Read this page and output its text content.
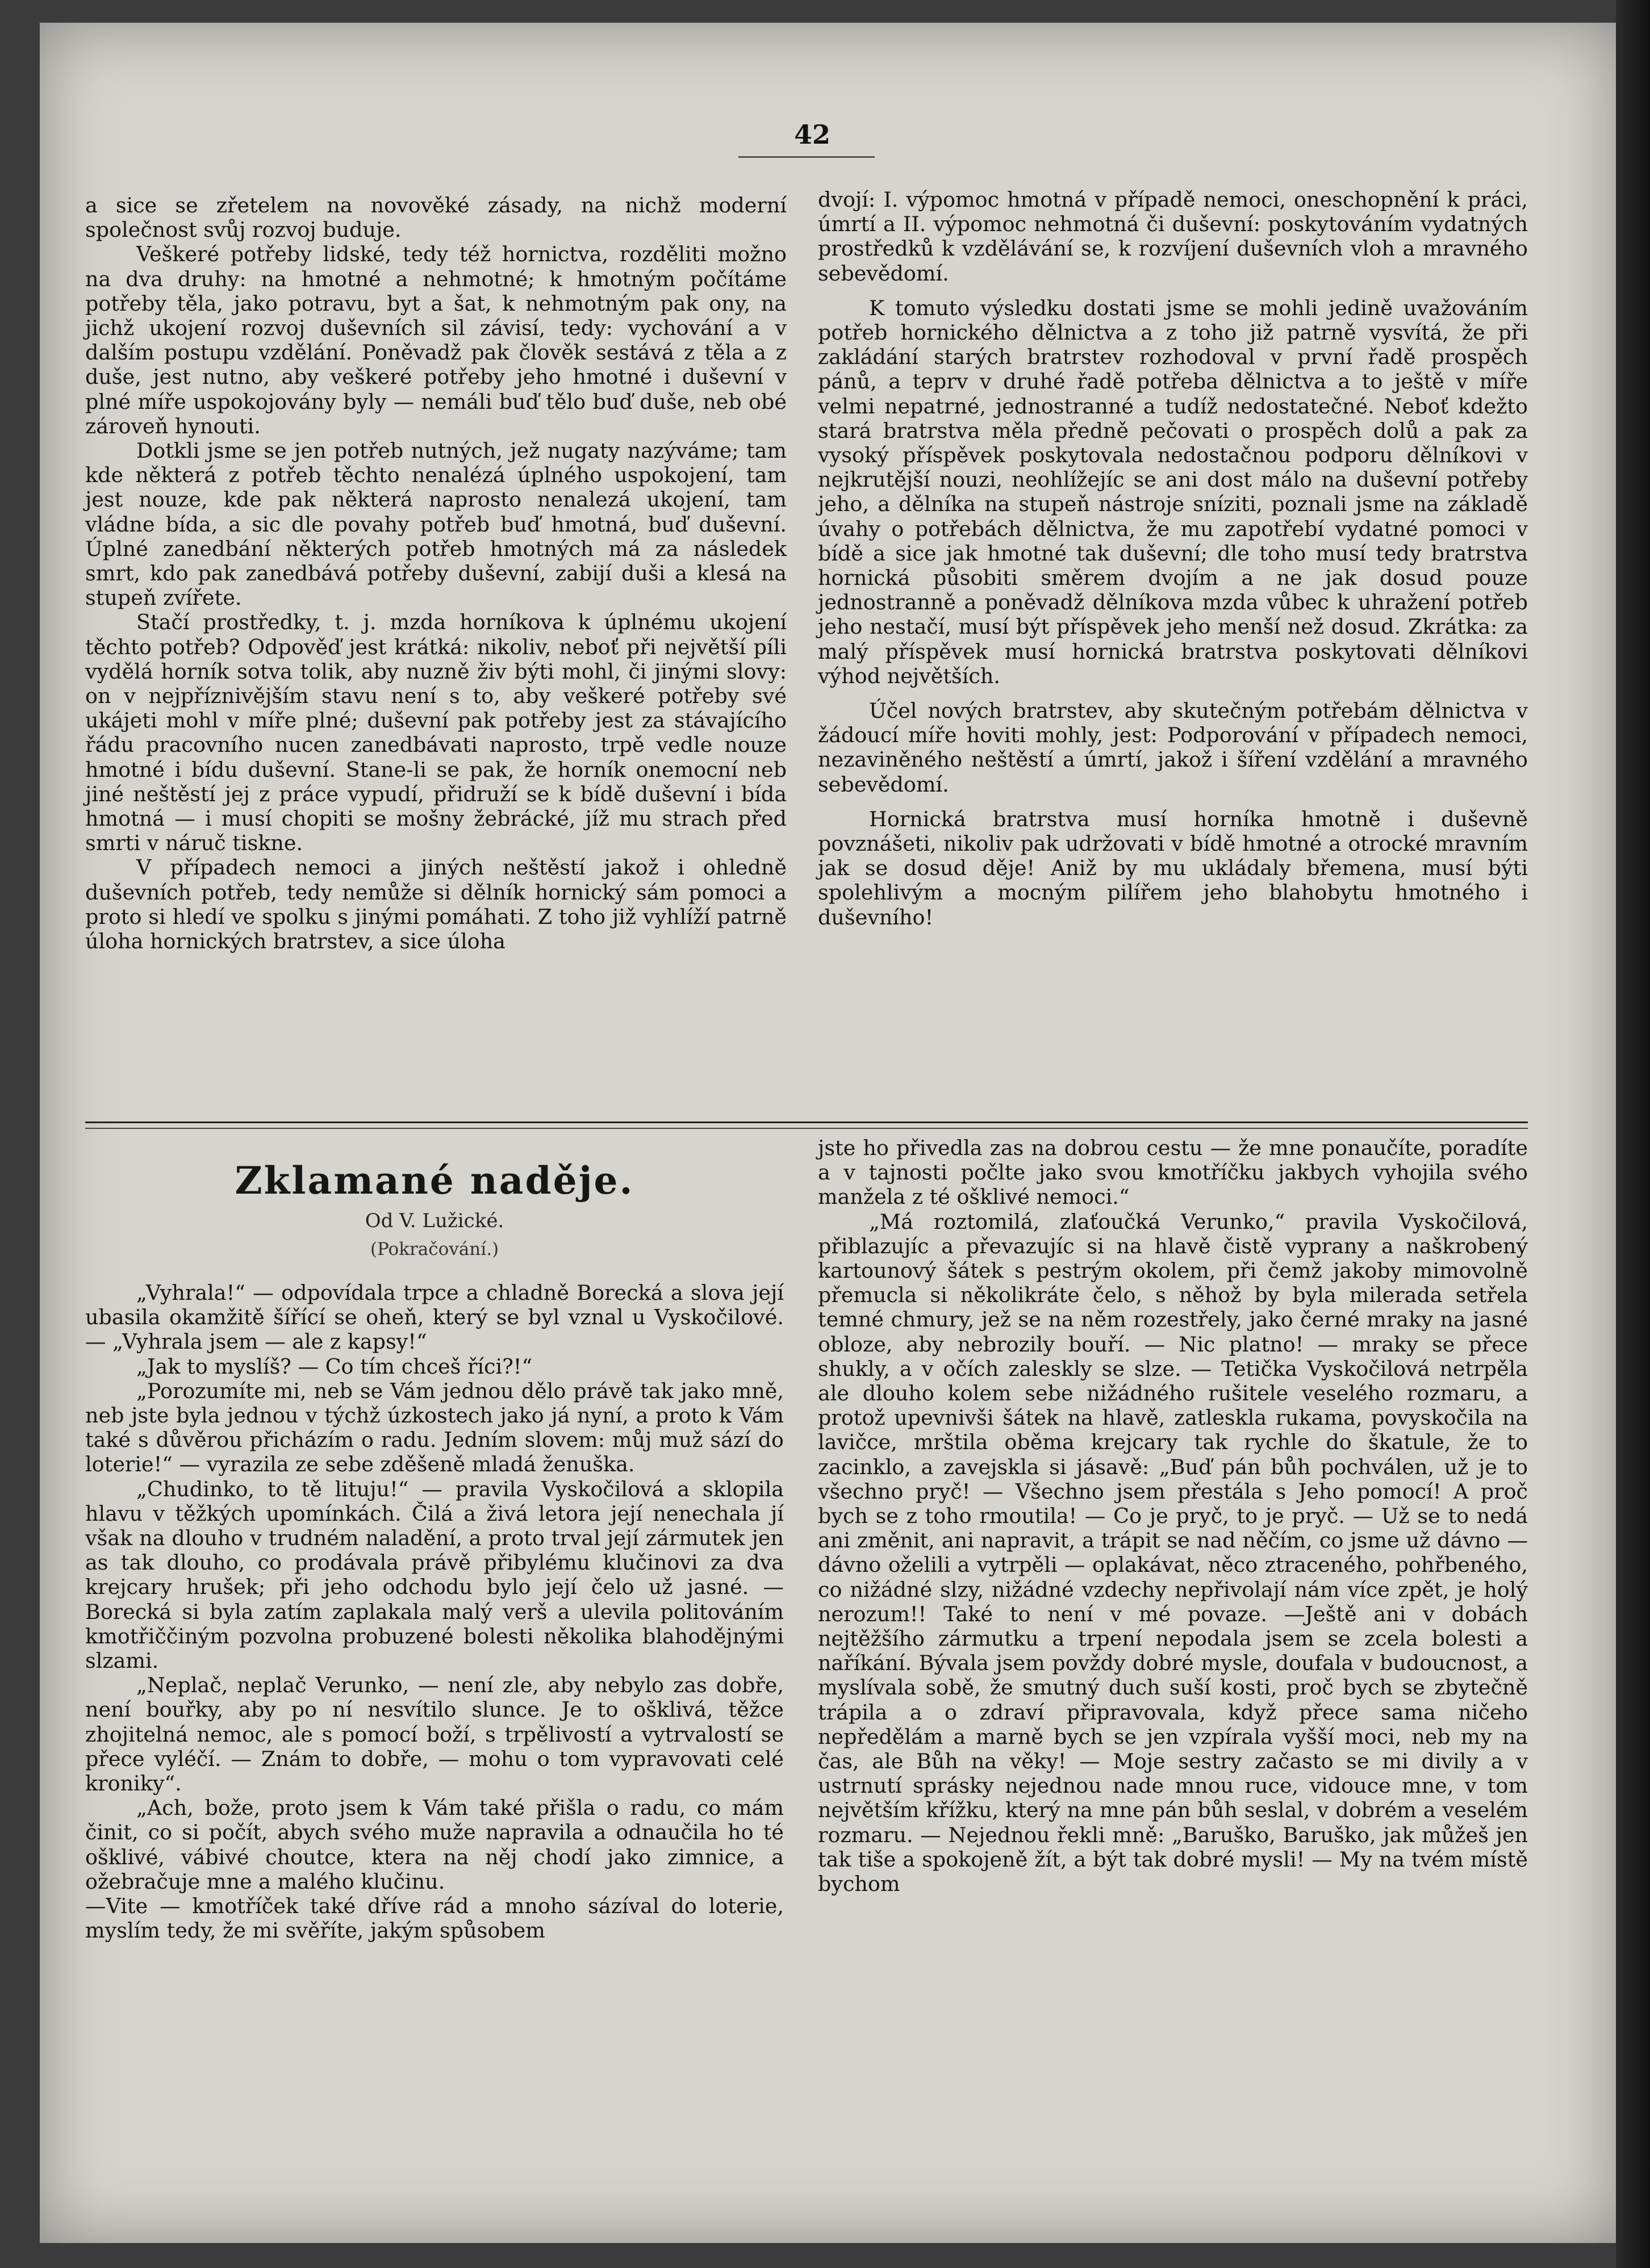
42

a sice se zřetelem na novověké zásady, na nichž moderní společnost svůj rozvoj buduje.

Veškeré potřeby lidské, tedy též hornictva, rozděliti možno na dva druhy: na hmotné a nehmotné; k hmotným počítáme potřeby těla, jako potravu, byt a šat, k nehmotným pak ony, na jichž ukojení rozvoj duševních sil závisí, tedy: vychování a v dalším postupu vzdělání. Poněvadž pak člověk sestává z těla a z duše, jest nutno, aby veškeré potřeby jeho hmotné i duševní v plné míře uspokojovány byly — nemáli buď tělo buď duše, neb obé zároveň hynouti.

Dotkli jsme se jen potřeb nutných, jež nugaty nazýváme; tam kde některá z potřeb těchto nenalézá úplného uspokojení, tam jest nouze, kde pak některá naprosto nenalezá ukojení, tam vládne bída, a sic dle povahy potřeb buď hmotná, buď duševní. Úplné zanedbání některých potřeb hmotných má za následek smrt, kdo pak zanedbává potřeby duševní, zabijí duši a klesá na stupeň zvířete.

Stačí prostředky, t. j. mzda horníkova k úplnému ukojení těchto potřeb? Odpověď jest krátká: nikoliv, neboť při největší píli vydělá horník sotva tolik, aby nuzně živ býti mohl, či jinými slovy: on v nejpříznivějším stavu není s to, aby veškeré potřeby své ukájeti mohl v míře plné; duševní pak potřeby jest za stávajícího řádu pracovního nucen zanedbávati naprosto, trpě vedle nouze hmotné i bídu duševní. Stane-li se pak, že horník onemocní neb jiné neštěstí jej z práce vypudí, přidruží se k bídě duševní i bída hmotná — i musí chopiti se mošny žebrácké, jíž mu strach před smrti v náruč tiskne.

V případech nemoci a jiných neštěstí jakož i ohledně duševních potřeb, tedy nemůže si dělník hornický sám pomoci a proto si hledí ve spolku s jinými pomáhati. Z toho již vyhlíží patrně úloha hornických bratrstev, a sice úloha

dvojí: I. výpomoc hmotná v případě nemoci, oneschopnění k práci, úmrtí a II. výpomoc nehmotná či duševní: poskytováním vydatných prostředků k vzdělávání se, k rozvíjení duševních vloh a mravného sebevědomí.

K tomuto výsledku dostati jsme se mohli jedině uvažováním potřeb hornického dělnictva a z toho již patrně vysvítá, že při zakládání starých bratrstev rozhodoval v první řadě prospěch pánů, a teprv v druhé řadě potřeba dělnictva a to ještě v míře velmi nepatrné, jednostranné a tudíž nedostatečné. Neboť kdežto stará bratrstva měla předně pečovati o prospěch dolů a pak za vysoký příspěvek poskytovala nedostačnou podporu dělníkovi v nejkrutější nouzi, neohlížejíc se ani dost málo na duševní potřeby jeho, a dělníka na stupeň nástroje sníziti, poznali jsme na základě úvahy o potřebách dělnictva, že mu zapotřebí vydatné pomoci v bídě a sice jak hmotné tak duševní; dle toho musí tedy bratrstva hornická působiti směrem dvojím a ne jak dosud pouze jednostranně a poněvadž dělníkova mzda vůbec k uhražení potřeb jeho nestačí, musí být příspěvek jeho menší než dosud. Zkrátka: za malý příspěvek musí hornická bratrstva poskytovati dělníkovi výhod největších.

Účel nových bratrstev, aby skutečným potřebám dělnictva v žádoucí míře hoviti mohly, jest: Podporování v případech nemoci, nezaviněného neštěstí a úmrtí, jakož i šíření vzdělání a mravného sebevědomí.

Hornická bratrstva musí horníka hmotně i duševně povznášeti, nikoliv pak udržovati v bídě hmotné a otrocké mravním jak se dosud děje! Aniž by mu ukládaly břemena, musí býti spolehlivým a mocným pilířem jeho blahobytu hmotného i duševního!

Zklamané naděje.
Od V. Lužické.
(Pokračování.)

„Vyhrala!“ — odpovídala trpce a chladně Borecká a slova její ubasila okamžitě šířící se oheň, který se byl vznal u Vyskočilové. — „Vyhrala jsem — ale z kapsy!“

„Jak to myslíš? — Co tím chceš říci?!“

„Porozumíte mi, neb se Vám jednou dělo právě tak jako mně, neb jste byla jednou v týchž úzkostech jako já nyní, a proto k Vám také s důvěrou přicházím o radu. Jedním slovem: můj muž sází do loterie!“ — vyrazila ze sebe zděšeně mladá ženuška.

„Chudinko, to tě lituju!“ — pravila Vyskočilová a sklopila hlavu v těžkých upomínkách. Čilá a živá letora její nenechala jí však na dlouho v trudném naladění, a proto trval její zármutek jen as tak dlouho, co prodávala právě přibylému klučinovi za dva krejcary hrušek; při jeho odchodu bylo její čelo už jasné. — Borecká si byla zatím zaplakala malý verš a ulevila politováním kmotřiččiným pozvolna probuzené bolesti několika blahodějnými slzami.

„Neplač, neplač Verunko, — není zle, aby nebylo zas dobře, není bouřky, aby po ní nesvítilo slunce. Je to ošklivá, těžce zhojitelná nemoc, ale s pomocí boží, s trpělivostí a vytrvalostí se přece vyléčí. — Znám to dobře, — mohu o tom vypravovati celé kroniky“.

„Ach, bože, proto jsem k Vám také přišla o radu, co mám činit, co si počít, abych svého muže napravila a odnaučila ho té ošklivé, vábivé choutce, ktera na něj chodí jako zimnice, a ožebračuje mne a malého klučinu.

—Vite — kmotříček také dříve rád a mnoho sázíval do loterie, myslím tedy, že mi svěříte, jakým spůsobem

jste ho přivedla zas na dobrou cestu — že mne ponaučíte, poradíte a v tajnosti počlte jako svou kmotříčku jakbych vyhojila svého manžela z té ošklivé nemoci.“

„Má roztomilá, zlaťoučká Verunko,“ pravila Vyskočilová, přiblazujíc a převazujíc si na hlavě čistě vyprany a naškrobený kartounový šátek s pestrým okolem, při čemž jakoby mimovolně přemucla si několikráte čelo, s něhož by byla milerada setřela temné chmury, jež se na něm rozestřely, jako černé mraky na jasné obloze, aby nebrozily bouří. — Nic platno! — mraky se přece shukly, a v očích zaleskly se slze. — Tetička Vyskočilová netrpěla ale dlouho kolem sebe nižádného rušitele veselého rozmaru, a protož upevnivši šátek na hlavě, zatleskla rukama, povyskočila na lavičce, mrštila oběma krejcary tak rychle do škatule, že to zacinklo, a zavejskla si jásavě: „Buď pán bůh pochválen, už je to všechno pryč! — Všechno jsem přestála s Jeho pomocí! A proč bych se z toho rmoutila! — Co je pryč, to je pryč. — Už se to nedá ani změnit, ani napravit, a trápit se nad něčím, co jsme už dávno — dávno oželili a vytrpěli — oplakávat, něco ztraceného, pohřbeného, co nižádné slzy, nižádné vzdechy nepřivolají nám více zpět, je holý nerozum!! Také to není v mé povaze. —Ještě ani v dobách nejtěžšího zármutku a trpení nepodala jsem se zcela bolesti a naříkání. Bývala jsem povždy dobré mysle, doufala v budoucnost, a myslívala sobě, že smutný duch suší kosti, proč bych se zbytečně trápila a o zdraví připravovala, když přece sama ničeho nepředělám a marně bych se jen vzpírala vyšší moci, neb my na čas, ale Bůh na věky! — Moje sestry začasto se mi divily a v ustrnutí sprásky nejednou nade mnou ruce, vidouce mne, v tom největším křížku, který na mne pán bůh seslal, v dobrém a veselém rozmaru. — Nejednou řekli mně: „Baruško, Baruško, jak můžeš jen tak tiše a spokojeně žít, a být tak dobré mysli! — My na tvém místě bychom
